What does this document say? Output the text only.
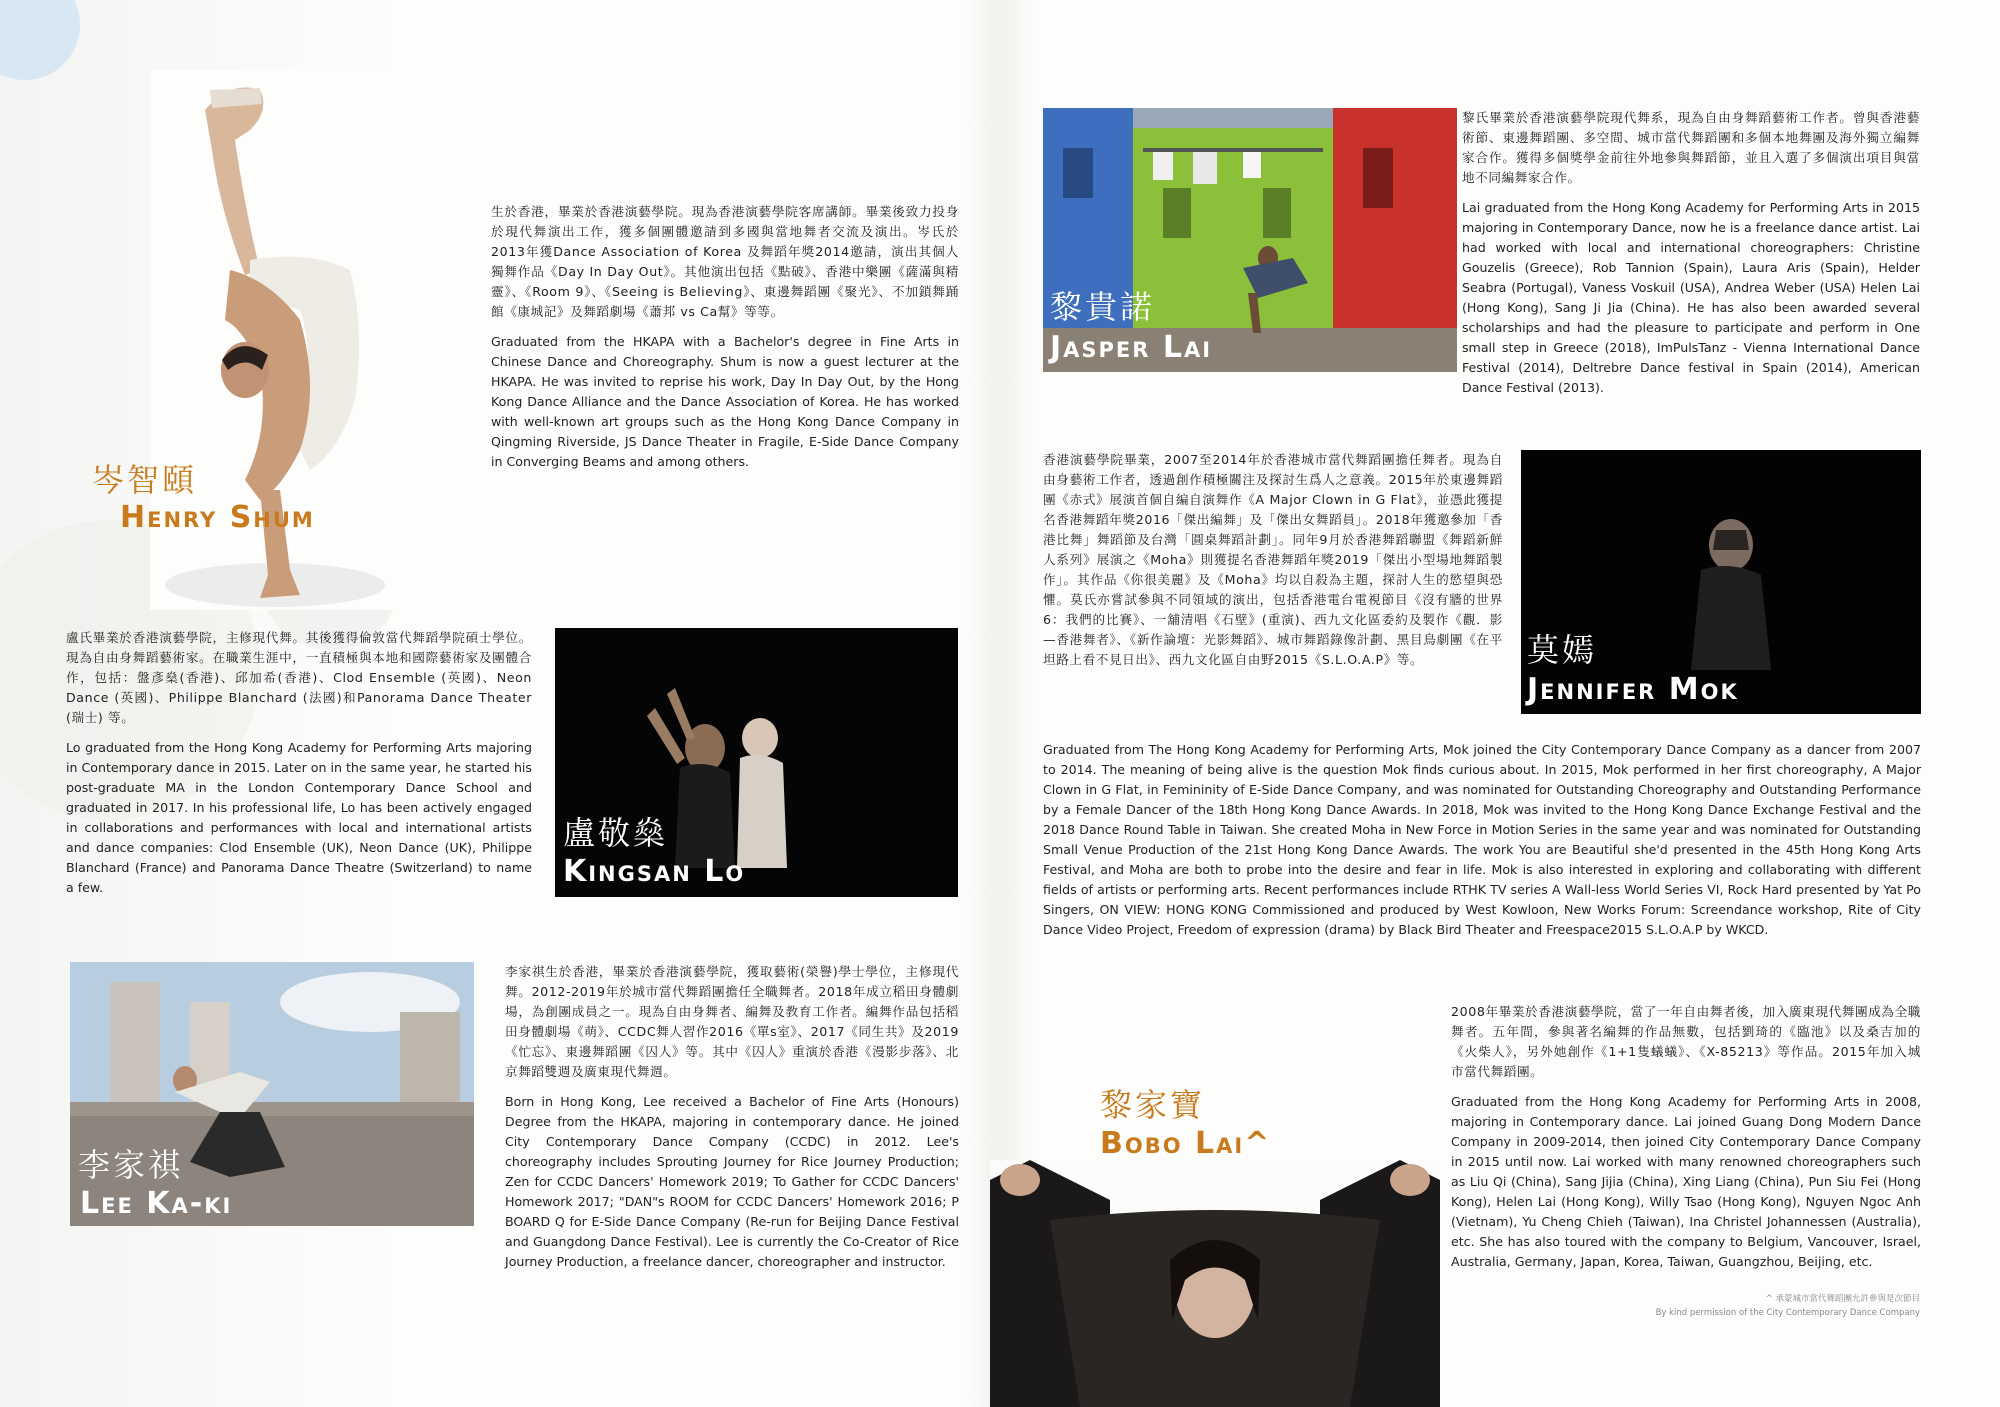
岑智頤
Henry Shum

生於香港，畢業於香港演藝學院。現為香港演藝學院客席講師。畢業後致力投身於現代舞演出工作，獲多個團體邀請到多國與當地舞者交流及演出。岑氏於2013年獲Dance Association of Korea 及舞蹈年獎2014邀請，演出其個人獨舞作品《Day In Day Out》。其他演出包括《點破》、香港中樂團《薩滿與精靈》、《Room 9》、《Seeing is Believing》、東邊舞蹈團《聚光》、不加鎖舞踊館《康城記》及舞蹈劇場《蕭邦 vs Ca幫》等等。

Graduated from the HKAPA with a Bachelor's degree in Fine Arts in Chinese Dance and Choreography. Shum is now a guest lecturer at the HKAPA. He was invited to reprise his work, Day In Day Out, by the Hong Kong Dance Alliance and the Dance Association of Korea. He has worked with well-known art groups such as the Hong Kong Dance Company in Qingming Riverside, JS Dance Theater in Fragile, E-Side Dance Company in Converging Beams and among others.

盧氏畢業於香港演藝學院，主修現代舞。其後獲得倫敦當代舞蹈學院碩士學位。現為自由身舞蹈藝術家。在職業生涯中，一直積極與本地和國際藝術家及團體合作，包括：盤彥燊(香港)、邱加希(香港)、Clod Ensemble (英國)、Neon Dance (英國)、Philippe Blanchard (法國)和Panorama Dance Theater (瑞士) 等。

Lo graduated from the Hong Kong Academy for Performing Arts majoring in Contemporary dance in 2015. Later on in the same year, he started his post-graduate MA in the London Contemporary Dance School and graduated in 2017. In his professional life, Lo has been actively engaged in collaborations and performances with local and international artists and dance companies: Clod Ensemble (UK), Neon Dance (UK), Philippe Blanchard (France) and Panorama Dance Theatre (Switzerland) to name a few.

盧敬燊
Kingsan Lo
李家祺
Lee Ka-ki

李家祺生於香港，畢業於香港演藝學院，獲取藝術(榮譽)學士學位，主修現代舞。2012-2019年於城市當代舞蹈團擔任全職舞者。2018年成立稻田身體劇場，為創團成員之一。現為自由身舞者、編舞及教育工作者。編舞作品包括稻田身體劇場《萌》、CCDC舞人習作2016《單s室》、2017《同生共》及2019《忙忘》、東邊舞蹈團《囚人》等。其中《囚人》重演於香港《漫影步落》、北京舞蹈雙週及廣東現代舞週。

Born in Hong Kong, Lee received a Bachelor of Fine Arts (Honours) Degree from the HKAPA, majoring in contemporary dance. He joined City Contemporary Dance Company (CCDC) in 2012. Lee's choreography includes Sprouting Journey for Rice Journey Production; Zen for CCDC Dancers' Homework 2019; To Gather for CCDC Dancers' Homework 2017; "DAN"s ROOM for CCDC Dancers' Homework 2016; P BOARD Q for E-Side Dance Company (Re-run for Beijing Dance Festival and Guangdong Dance Festival). Lee is currently the Co-Creator of Rice Journey Production, a freelance dancer, choreographer and instructor.

黎貴諾
Jasper Lai

黎氏畢業於香港演藝學院現代舞系，現為自由身舞蹈藝術工作者。曾與香港藝術節、東邊舞蹈團、多空間、城市當代舞蹈團和多個本地舞團及海外獨立編舞家合作。獲得多個獎學金前往外地參與舞蹈節，並且入選了多個演出項目與當地不同編舞家合作。

Lai graduated from the Hong Kong Academy for Performing Arts in 2015 majoring in Contemporary Dance, now he is a freelance dance artist. Lai had worked with local and international choreographers: Christine Gouzelis (Greece), Rob Tannion (Spain), Laura Aris (Spain), Helder Seabra (Portugal), Vaness Voskuil (USA), Andrea Weber (USA) Helen Lai (Hong Kong), Sang Ji Jia (China). He has also been awarded several scholarships and had the pleasure to participate and perform in One small step in Greece (2018), ImPulsTanz - Vienna International Dance Festival (2014), Deltrebre Dance festival in Spain (2014), American Dance Festival (2013).

香港演藝學院畢業，2007至2014年於香港城市當代舞蹈團擔任舞者。現為自由身藝術工作者，透過創作積極關注及探討生爲人之意義。2015年於東邊舞蹈團《赤式》展演首個自編自演舞作《A Major Clown in G Flat》，並憑此獲提名香港舞蹈年獎2016「傑出編舞」及「傑出女舞蹈員」。2018年獲邀參加「香港比舞」舞蹈節及台灣「圓桌舞蹈計劃」。同年9月於香港舞蹈聯盟《舞蹈新鮮人系列》展演之《Moha》則獲提名香港舞蹈年獎2019「傑出小型場地舞蹈製作」。其作品《你很美麗》及《Moha》均以自殺為主題，探討人生的慾望與恐懼。莫氏亦嘗試參與不同領域的演出，包括香港電台電視節目《沒有牆的世界6：我們的比賽》、一舖清唱《石壁》(重演)、西九文化區委約及製作《觀．影—香港舞者》、《新作論壇：光影舞蹈》、城市舞蹈錄像計劃、黑目鳥劇團《在平坦路上看不見日出》、西九文化區自由野2015《S.L.O.A.P》等。	莫嫣
Jennifer Mok

Graduated from The Hong Kong Academy for Performing Arts, Mok joined the City Contemporary Dance Company as a dancer from 2007 to 2014. The meaning of being alive is the question Mok finds curious about. In 2015, Mok performed in her first choreography, A Major Clown in G Flat, in Femininity of E-Side Dance Company, and was nominated for Outstanding Choreography and Outstanding Performance by a Female Dancer of the 18th Hong Kong Dance Awards. In 2018, Mok was invited to the Hong Kong Dance Exchange Festival and the 2018 Dance Round Table in Taiwan. She created Moha in New Force in Motion Series in the same year and was nominated for Outstanding Small Venue Production of the 21st Hong Kong Dance Awards. The work You are Beautiful she'd presented in the 45th Hong Kong Arts Festival, and Moha are both to probe into the desire and fear in life. Mok is also interested in exploring and collaborating with different fields of artists or performing arts. Recent performances include RTHK TV series A Wall-less World Series VI, Rock Hard presented by Yat Po Singers, ON VIEW: HONG KONG Commissioned and produced by West Kowloon, New Works Forum: Screendance workshop, Rite of City Dance Video Project, Freedom of expression (drama) by Black Bird Theater and Freespace2015 S.L.O.A.P by WKCD.

黎家寶
Bobo Lai^

2008年畢業於香港演藝學院，當了一年自由舞者後，加入廣東現代舞團成為全職舞者。五年間，參與著名編舞的作品無數，包括劉琦的《臨池》以及桑吉加的《火柴人》，另外她創作《1+1隻蟻蟻》、《X-85213》等作品。2015年加入城市當代舞蹈團。

Graduated from the Hong Kong Academy for Performing Arts in 2008, majoring in Contemporary dance. Lai joined Guang Dong Modern Dance Company in 2009-2014, then joined City Contemporary Dance Company in 2015 until now. Lai worked with many renowned choreographers such as Liu Qi (China), Sang Jijia (China), Xing Liang (China), Pun Siu Fei (Hong Kong), Helen Lai (Hong Kong), Willy Tsao (Hong Kong), Nguyen Ngoc Anh (Vietnam), Yu Cheng Chieh (Taiwan), Ina Christel Johannessen (Australia), etc. She has also toured with the company to Belgium, Vancouver, Israel, Australia, Germany, Japan, Korea, Taiwan, Guangzhou, Beijing, etc.

^ 承蒙城市當代舞蹈團允許參與是次節目
By kind permission of the City Contemporary Dance Company
